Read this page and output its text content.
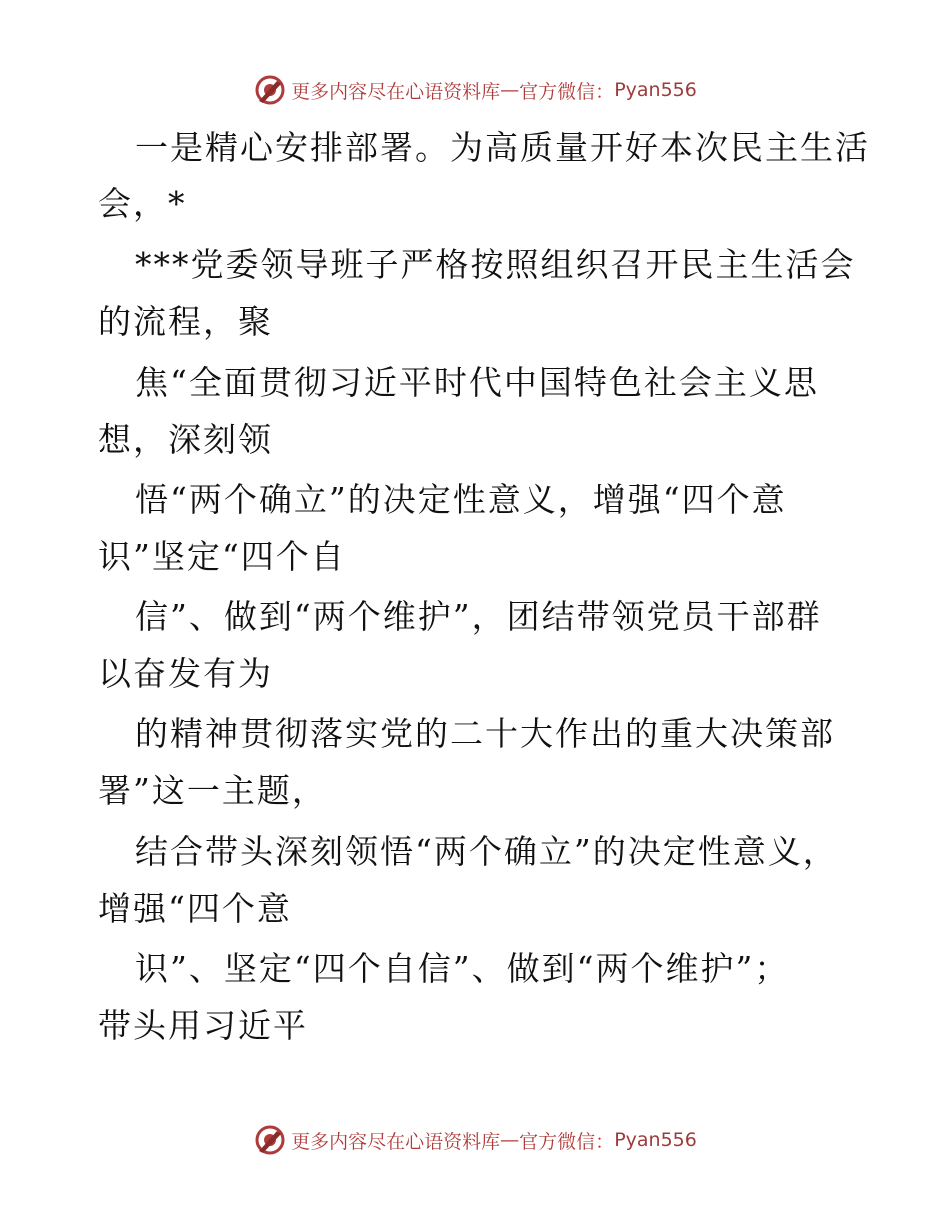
更多内容尽在心语资料库 — 官方微信： Pyan556
一是精心安排部署。为高质量开好本次民主生活
会，*
***党委领导班子严格按照组织召开民主生活会
的流程，聚
焦“全面贯彻习近平时代中国特色社会主义思
想，深刻领
悟“两个确立”的决定性意义，增强“四个意
识”坚定“四个自
信”、做到“两个维护”，团结带领党员干部群
以奋发有为
的精神贯彻落实党的二十大作出的重大决策部
署”这一主题，
结合带头深刻领悟“两个确立”的决定性意义，
增强“四个意
识”、坚定“四个自信”、做到“两个维护”；
带头用习近平
更多内容尽在心语资料库 — 官方微信： Pyan556
